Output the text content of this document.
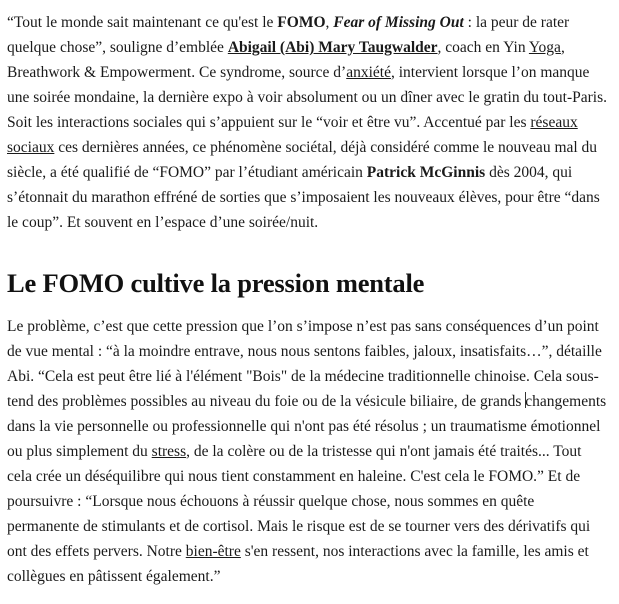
“Tout le monde sait maintenant ce qu'est le FOMO, Fear of Missing Out : la peur de rater quelque chose”, souligne d’emblée Abigail (Abi) Mary Taugwalder, coach en Yin Yoga, Breathwork & Empowerment. Ce syndrome, source d’anxiété, intervient lorsque l’on manque une soirée mondaine, la dernière expo à voir absolument ou un dîner avec le gratin du tout-Paris. Soit les interactions sociales qui s’appuient sur le “voir et être vu”. Accentué par les réseaux sociaux ces dernières années, ce phénomène sociétal, déjà considéré comme le nouveau mal du siècle, a été qualifié de “FOMO” par l’étudiant américain Patrick McGinnis dès 2004, qui s’étonnait du marathon effréné de sorties que s’imposaient les nouveaux élèves, pour être “dans le coup”. Et souvent en l’espace d’une soirée/nuit.

Le FOMO cultive la pression mentale

Le problème, c’est que cette pression que l’on s’impose n’est pas sans conséquences d’un point de vue mental : “à la moindre entrave, nous nous sentons faibles, jaloux, insatisfaits…”, détaille Abi. “Cela est peut être lié à l'élément "Bois" de la médecine traditionnelle chinoise. Cela sous-tend des problèmes possibles au niveau du foie ou de la vésicule biliaire, de grands changements dans la vie personnelle ou professionnelle qui n'ont pas été résolus ; un traumatisme émotionnel ou plus simplement du stress, de la colère ou de la tristesse qui n'ont jamais été traités... Tout cela crée un déséquilibre qui nous tient constamment en haleine. C'est cela le FOMO.” Et de poursuivre : “Lorsque nous échouons à réussir quelque chose, nous sommes en quête permanente de stimulants et de cortisol. Mais le risque est de se tourner vers des dérivatifs qui ont des effets pervers. Notre bien-être s'en ressent, nos interactions avec la famille, les amis et collègues en pâtissent également.”
